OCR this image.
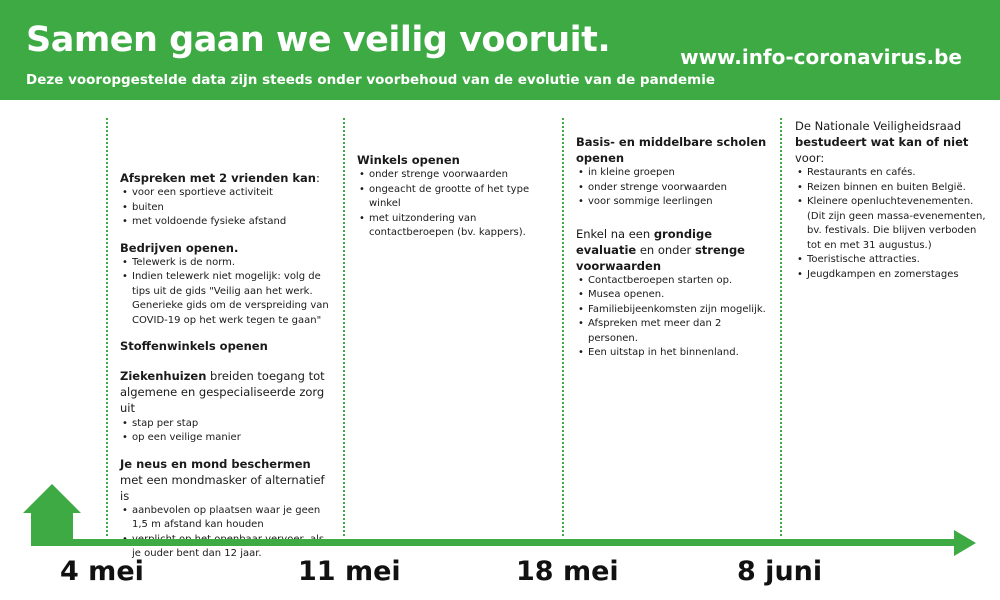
Samen gaan we veilig vooruit.
Deze vooropgestelde data zijn steeds onder voorbehoud van de evolutie van de pandemie
www.info-coronavirus.be
Afspreken met 2 vrienden kan:
• voor een sportieve activiteit
• buiten
• met voldoende fysieke afstand
Bedrijven openen.
• Telewerk is de norm.
• Indien telewerk niet mogelijk: volg de tips uit de gids "Veilig aan het werk. Generieke gids om de verspreiding van COVID-19 op het werk tegen te gaan"
Stoffenwinkels openen
Ziekenhuizen breiden toegang tot algemene en gespecialiseerde zorg uit
• stap per stap
• op een veilige manier
Je neus en mond beschermen met een mondmasker of alternatief is
• aanbevolen op plaatsen waar je geen 1,5 m afstand kan houden
• je ouder bent dan 12 jaar.
Winkels openen
• onder strenge voorwaarden
• ongeacht de grootte of het type winkel
• met uitzondering van contactberoepen (bv. kappers).
Basis- en middelbare scholen openen
• in kleine groepen
• onder strenge voorwaarden
• voor sommige leerlingen
Enkel na een grondige evaluatie en onder strenge voorwaarden
• Contactberoepen starten op.
• Musea openen.
• Familiebijeenkomsten zijn mogelijk.
• Afspreken met meer dan 2 personen.
• Een uitstap in het binnenland.
De Nationale Veiligheidsraad bestudeert wat kan of niet voor:
• Restaurants en cafés.
• Reizen binnen en buiten België.
• Kleinere openluchtevenementen. (Dit zijn geen massa-evenementen, bv. festivals. Die blijven verboden tot en met 31 augustus.)
• Toeristische attracties.
• Jeugdkampen en zomerstages
4 mei	11 mei	18 mei	8 juni
